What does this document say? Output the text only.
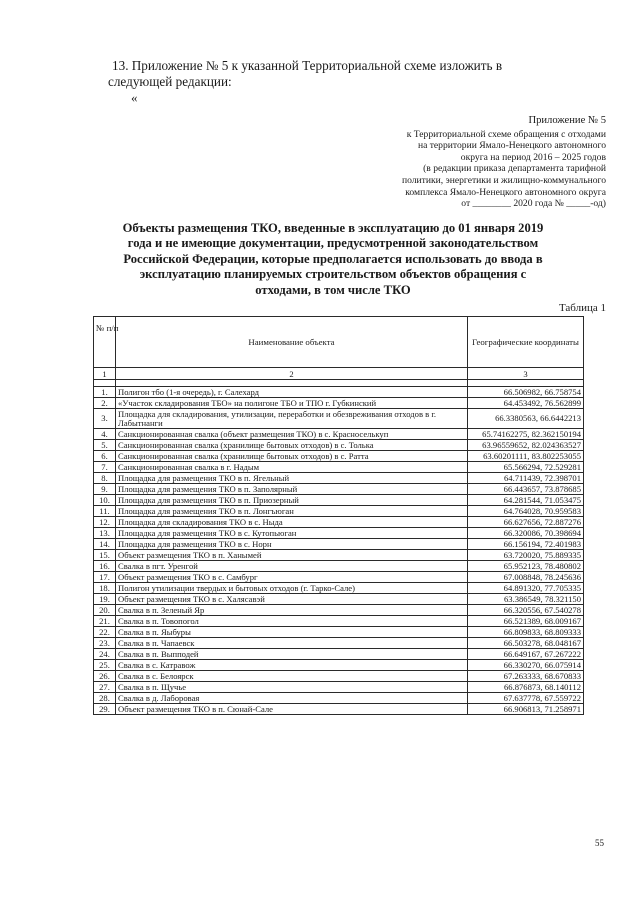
13. Приложение № 5 к указанной Территориальной схеме изложить в
следующей редакции:
«
Приложение № 5
к Территориальной схеме обращения с отходами
на территории Ямало-Ненецкого автономного
округа на период 2016 – 2025 годов
(в редакции приказа департамента тарифной
политики, энергетики и жилищно-коммунального
комплекса Ямало-Ненецкого автономного округа
от ________ 2020 года № _____-од)
Объекты размещения ТКО, введенные в эксплуатацию до 01 января 2019
года и не имеющие документации, предусмотренной законодательством
Российской Федерации, которые предполагается использовать до ввода в
эксплуатацию планируемых строительством объектов обращения с
отходами, в том числе ТКО
Таблица 1
№ п/п	Наименование объекта	Географические координаты
1	2	3

1.	Полигон тбо (1-я очередь), г. Салехард	66.506982, 66.758754
2.	«Участок складирования ТБО» на полигоне ТБО и ТПО г. Губкинский	64.453492, 76.562899
3.	Площадка для складирования, утилизации, переработки и обезвреживания отходов в г. Лабытнанги	66.3380563, 66.6442213
4.	Санкционированная свалка (объект размещения ТКО) в с. Красноселькуп	65.74162275, 82.362150194
5.	Санкционированная свалка (хранилище бытовых отходов) в с. Толька	63.96559652, 82.024363527
6.	Санкционированная свалка (хранилище бытовых отходов) в с. Ратта	63.60201111, 83.802253055
7.	Санкционированная свалка в г. Надым	65.566294, 72.529281
8.	Площадка для размещения ТКО в п. Ягельный	64.711439, 72.398701
9.	Площадка для размещения ТКО в п. Заполярный	66.443657, 73.878685
10.	Площадка для размещения ТКО в п. Приозерный	64.281544, 71.053475
11.	Площадка для размещения ТКО в п. Лонгъюган	64.764028, 70.959583
12.	Площадка для складирования ТКО в с. Ныда	66.627656, 72.887276
13.	Площадка для размещения ТКО в с. Кутопьюган	66.320086, 70.398694
14.	Площадка для размещения ТКО в с. Норн	66.156194, 72.401983
15.	Объект размещения ТКО в п. Ханымей	63.720020, 75.889335
16.	Свалка в пгт. Уренгой	65.952123, 78.480802
17.	Объект размещения ТКО в с. Самбург	67.008848, 78.245636
18.	Полигон утилизации твердых и бытовых отходов (г. Тарко-Сале)	64.891320, 77.705335
19.	Объект размещения ТКО в с. Халясавэй	63.386549, 78.321150
20.	Свалка в п. Зеленый Яр	66.320556, 67.540278
21.	Свалка в п. Товопогол	66.521389, 68.009167
22.	Свалка в п. Яыбуры	66.809833, 68.809333
23.	Свалка в п. Чапаевск	66.503278, 68.048167
24.	Свалка в п. Выпподей	66.649167, 67.267222
25.	Свалка в с. Катравож	66.330270, 66.075914
26.	Свалка в с. Белоярск	67.263333, 68.670833
27.	Свалка в п. Щучье	66.876873, 68.140112
28.	Свалка в д. Лаборовая	67.637778, 67.559722
29.	Объект размещения ТКО в п. Сюнай-Сале	66.906813, 71.258971
55
